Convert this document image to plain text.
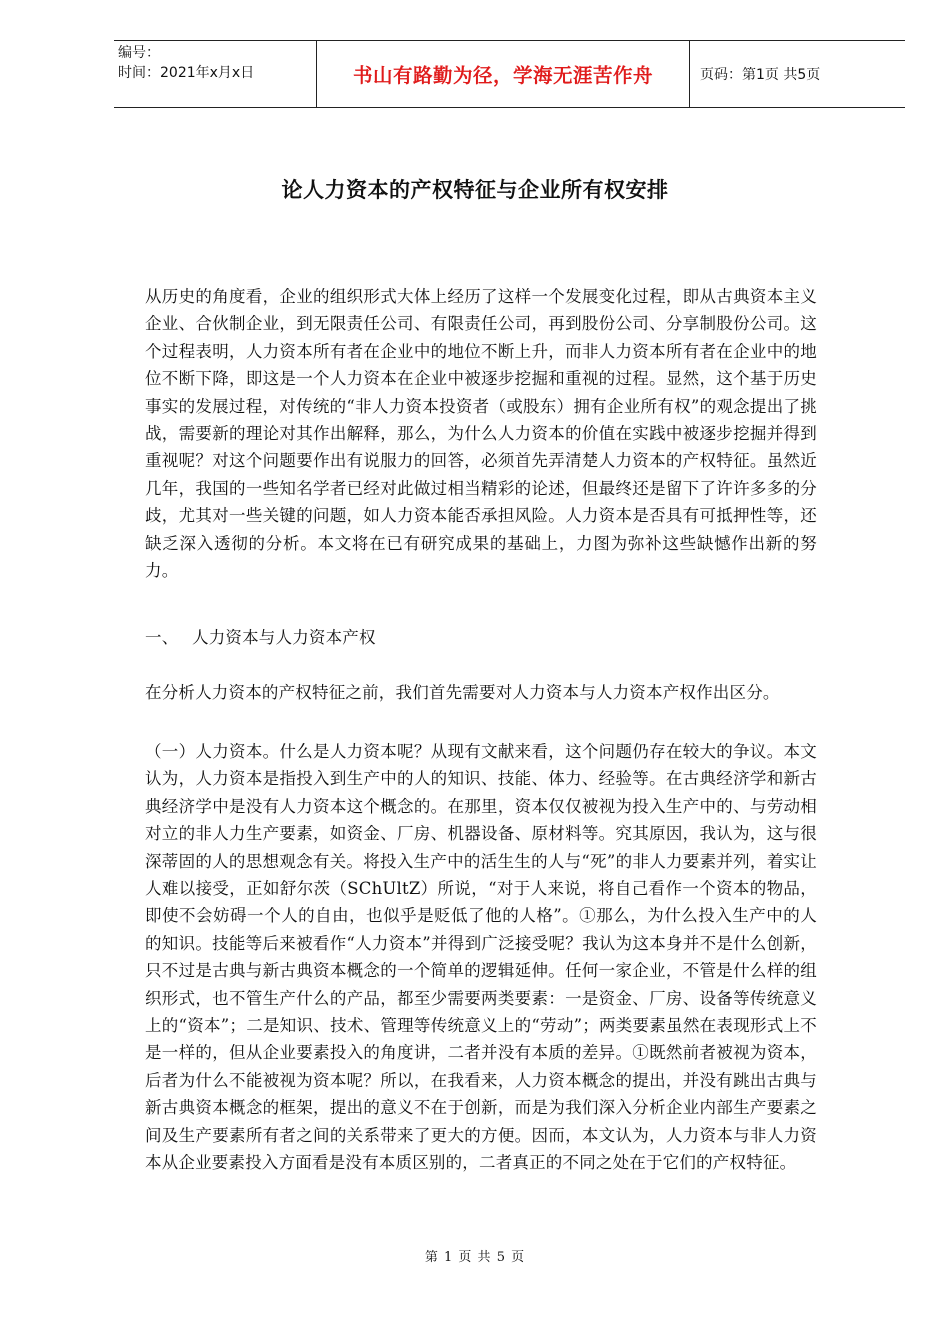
编号：
时间：2021年x月x日	书山有路勤为径，学海无涯苦作舟	页码：第1页 共5页
论人力资本的产权特征与企业所有权安排
从历史的角度看，企业的组织形式大体上经历了这样一个发展变化过程，即从古典资本主义企业、合伙制企业，到无限责任公司、有限责任公司，再到股份公司、分享制股份公司。这个过程表明，人力资本所有者在企业中的地位不断上升，而非人力资本所有者在企业中的地位不断下降，即这是一个人力资本在企业中被逐步挖掘和重视的过程。显然，这个基于历史事实的发展过程，对传统的“非人力资本投资者（或股东）拥有企业所有权”的观念提出了挑战，需要新的理论对其作出解释，那么，为什么人力资本的价值在实践中被逐步挖掘并得到重视呢？对这个问题要作出有说服力的回答，必须首先弄清楚人力资本的产权特征。虽然近几年，我国的一些知名学者已经对此做过相当精彩的论述，但最终还是留下了许许多多的分歧，尤其对一些关键的问题，如人力资本能否承担风险。人力资本是否具有可抵押性等，还缺乏深入透彻的分析。本文将在已有研究成果的基础上，力图为弥补这些缺憾作出新的努力。
一、 人力资本与人力资本产权
在分析人力资本的产权特征之前，我们首先需要对人力资本与人力资本产权作出区分。
（一）人力资本。什么是人力资本呢？从现有文献来看，这个问题仍存在较大的争议。本文认为，人力资本是指投入到生产中的人的知识、技能、体力、经验等。在古典经济学和新古典经济学中是没有人力资本这个概念的。在那里，资本仅仅被视为投入生产中的、与劳动相对立的非人力生产要素，如资金、厂房、机器设备、原材料等。究其原因，我认为，这与很深蒂固的人的思想观念有关。将投入生产中的活生生的人与“死”的非人力要素并列，着实让人难以接受，正如舒尔茨（SChUltZ）所说，“对于人来说，将自己看作一个资本的物品，即使不会妨碍一个人的自由，也似乎是贬低了他的人格”。①那么，为什么投入生产中的人的知识。技能等后来被看作“人力资本”并得到广泛接受呢？我认为这本身并不是什么创新，只不过是古典与新古典资本概念的一个简单的逻辑延伸。任何一家企业，不管是什么样的组织形式，也不管生产什么的产品，都至少需要两类要素：一是资金、厂房、设备等传统意义上的“资本”；二是知识、技术、管理等传统意义上的“劳动”；两类要素虽然在表现形式上不是一样的，但从企业要素投入的角度讲，二者并没有本质的差异。①既然前者被视为资本，后者为什么不能被视为资本呢？所以，在我看来，人力资本概念的提出，并没有跳出古典与新古典资本概念的框架，提出的意义不在于创新，而是为我们深入分析企业内部生产要素之间及生产要素所有者之间的关系带来了更大的方便。因而，本文认为，人力资本与非人力资本从企业要素投入方面看是没有本质区别的，二者真正的不同之处在于它们的产权特征。
第 1 页 共 5 页
